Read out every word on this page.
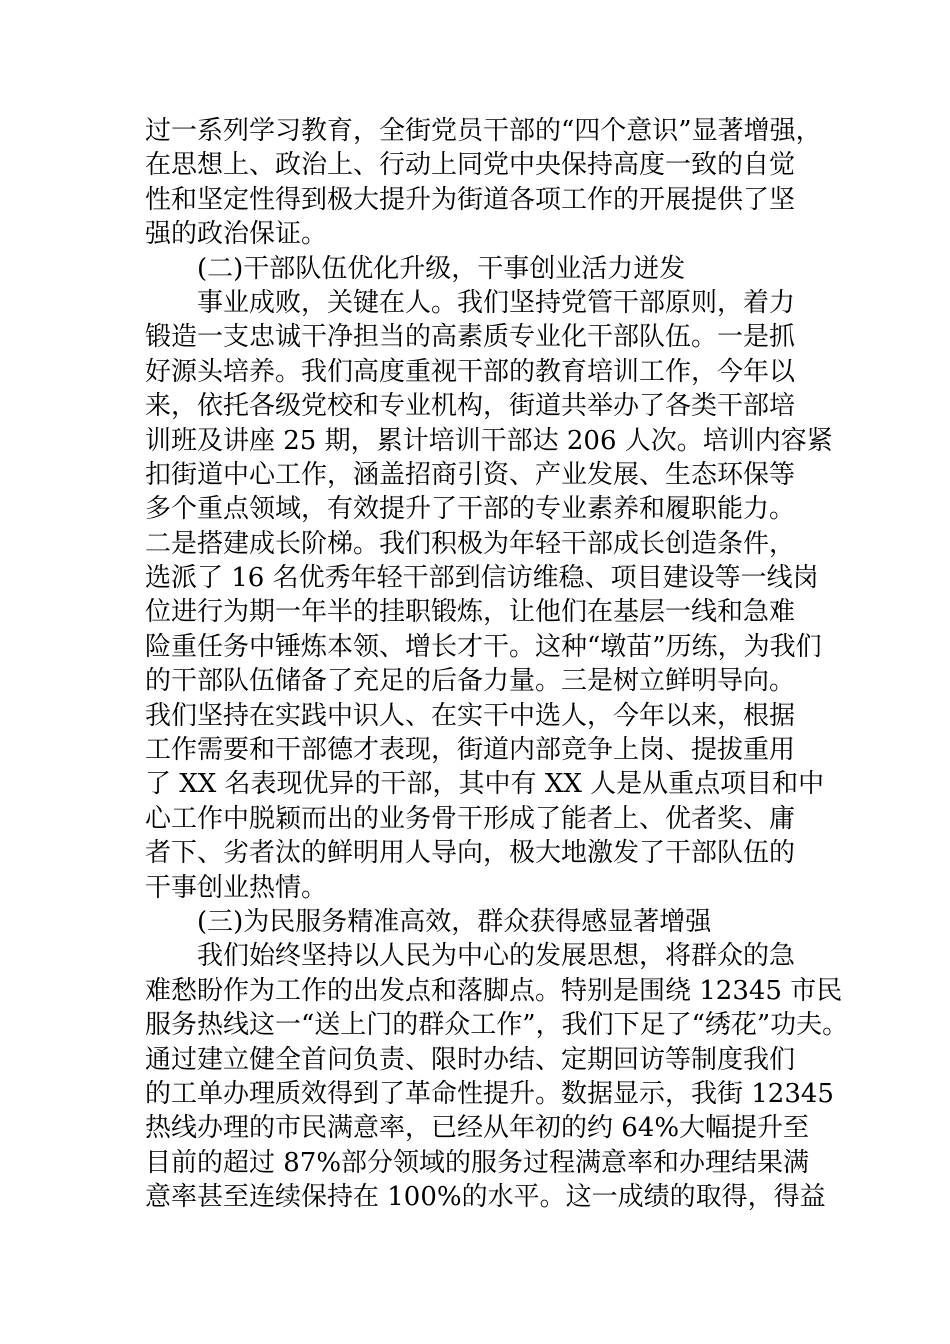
过一系列学习教育，全街党员干部的“四个意识”显著增强，
在思想上、政治上、行动上同党中央保持高度一致的自觉
性和坚定性得到极大提升为街道各项工作的开展提供了坚
强的政治保证。
(二)干部队伍优化升级，干事创业活力迸发
事业成败，关键在人。我们坚持党管干部原则，着力
锻造一支忠诚干净担当的高素质专业化干部队伍。一是抓
好源头培养。我们高度重视干部的教育培训工作，今年以
来，依托各级党校和专业机构，街道共举办了各类干部培
训班及讲座 25 期，累计培训干部达 206 人次。培训内容紧
扣街道中心工作，涵盖招商引资、产业发展、生态环保等
多个重点领域，有效提升了干部的专业素养和履职能力。
二是搭建成长阶梯。我们积极为年轻干部成长创造条件，
选派了 16 名优秀年轻干部到信访维稳、项目建设等一线岗
位进行为期一年半的挂职锻炼，让他们在基层一线和急难
险重任务中锤炼本领、增长才干。这种“墩苗”历练，为我们
的干部队伍储备了充足的后备力量。三是树立鲜明导向。
我们坚持在实践中识人、在实干中选人，今年以来，根据
工作需要和干部德才表现，街道内部竞争上岗、提拔重用
了 XX 名表现优异的干部，其中有 XX 人是从重点项目和中
心工作中脱颖而出的业务骨干形成了能者上、优者奖、庸
者下、劣者汰的鲜明用人导向，极大地激发了干部队伍的
干事创业热情。
(三)为民服务精准高效，群众获得感显著增强
我们始终坚持以人民为中心的发展思想，将群众的急
难愁盼作为工作的出发点和落脚点。特别是围绕 12345 市民
服务热线这一“送上门的群众工作”，我们下足了“绣花”功夫。
通过建立健全首问负责、限时办结、定期回访等制度我们
的工单办理质效得到了革命性提升。数据显示，我街 12345
热线办理的市民满意率，已经从年初的约 64%大幅提升至
目前的超过 87%部分领域的服务过程满意率和办理结果满
意率甚至连续保持在 100%的水平。这一成绩的取得，得益
